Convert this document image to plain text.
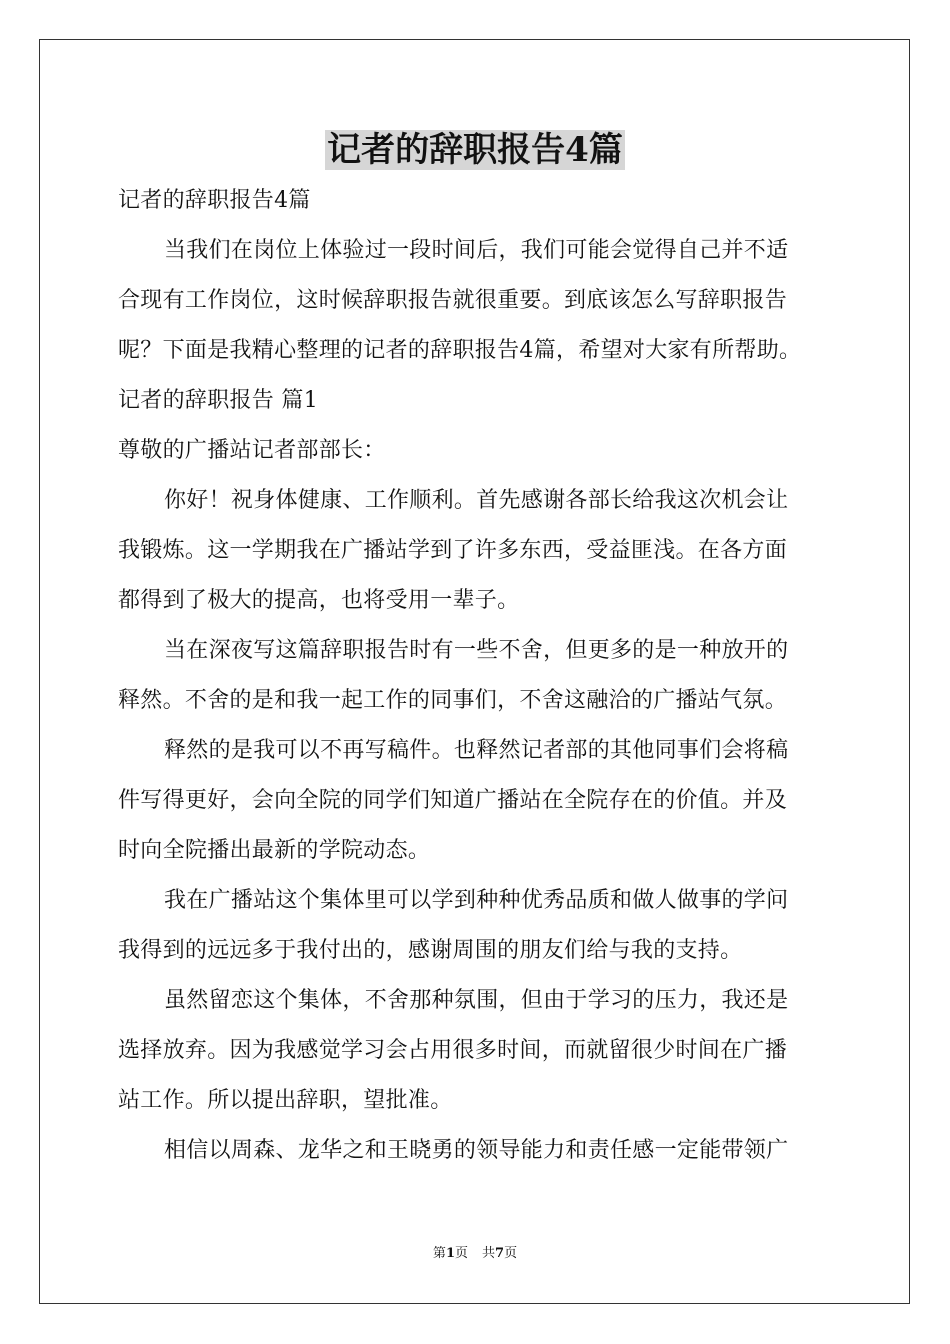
记者的辞职报告4篇
记者的辞职报告4篇
当我们在岗位上体验过一段时间后，我们可能会觉得自己并不适
合现有工作岗位，这时候辞职报告就很重要。到底该怎么写辞职报告
呢？下面是我精心整理的记者的辞职报告4篇，希望对大家有所帮助。
记者的辞职报告 篇1
尊敬的广播站记者部部长：
你好！祝身体健康、工作顺利。首先感谢各部长给我这次机会让
我锻炼。这一学期我在广播站学到了许多东西，受益匪浅。在各方面
都得到了极大的提高，也将受用一辈子。
当在深夜写这篇辞职报告时有一些不舍，但更多的是一种放开的
释然。不舍的是和我一起工作的同事们，不舍这融洽的广播站气氛。
释然的是我可以不再写稿件。也释然记者部的其他同事们会将稿
件写得更好，会向全院的同学们知道广播站在全院存在的价值。并及
时向全院播出最新的学院动态。
我在广播站这个集体里可以学到种种优秀品质和做人做事的学问
我得到的远远多于我付出的，感谢周围的朋友们给与我的支持。
虽然留恋这个集体，不舍那种氛围，但由于学习的压力，我还是
选择放弃。因为我感觉学习会占用很多时间，而就留很少时间在广播
站工作。所以提出辞职，望批准。
相信以周森、龙华之和王晓勇的领导能力和责任感一定能带领广
第1页 共7页
